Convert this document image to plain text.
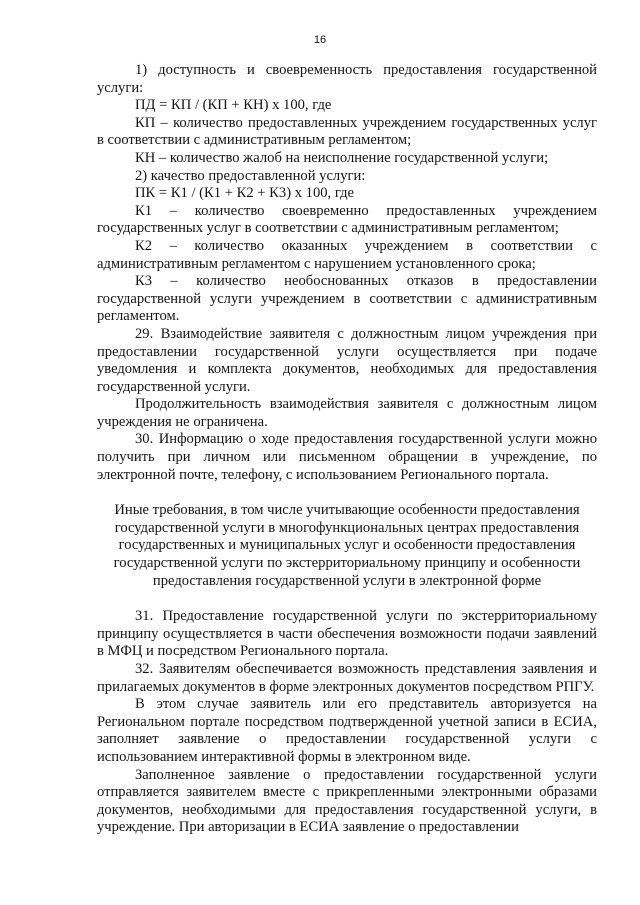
16

1) доступность и своевременность предоставления государственной услуги:

ПД = КП / (КП + КН) х 100, где

КП – количество предоставленных учреждением государственных услуг в соответствии с административным регламентом;

КН – количество жалоб на неисполнение государственной услуги;

2) качество предоставленной услуги:

ПК = К1 / (К1 + К2 + К3) х 100, где

К1 – количество своевременно предоставленных учреждением государственных услуг в соответствии с административным регламентом;

К2 – количество оказанных учреждением в соответствии с административным регламентом с нарушением установленного срока;

К3 – количество необоснованных отказов в предоставлении государственной услуги учреждением в соответствии с административным регламентом.

29. Взаимодействие заявителя с должностным лицом учреждения при предоставлении государственной услуги осуществляется при подаче уведомления и комплекта документов, необходимых для предоставления государственной услуги.

Продолжительность взаимодействия заявителя с должностным лицом учреждения не ограничена.

30. Информацию о ходе предоставления государственной услуги можно получить при личном или письменном обращении в учреждение, по электронной почте, телефону, с использованием Регионального портала.

Иные требования, в том числе учитывающие особенности предоставления государственной услуги в многофункциональных центрах предоставления государственных и муниципальных услуг и особенности предоставления государственной услуги по экстерриториальному принципу и особенности предоставления государственной услуги в электронной форме

31. Предоставление государственной услуги по экстерриториальному принципу осуществляется в части обеспечения возможности подачи заявлений в МФЦ и посредством Регионального портала.

32. Заявителям обеспечивается возможность представления заявления и прилагаемых документов в форме электронных документов посредством РПГУ.

В этом случае заявитель или его представитель авторизуется на Региональном портале посредством подтвержденной учетной записи в ЕСИА, заполняет заявление о предоставлении государственной услуги с использованием интерактивной формы в электронном виде.

Заполненное заявление о предоставлении государственной услуги отправляется заявителем вместе с прикрепленными электронными образами документов, необходимыми для предоставления государственной услуги, в учреждение. При авторизации в ЕСИА заявление о предоставлении
